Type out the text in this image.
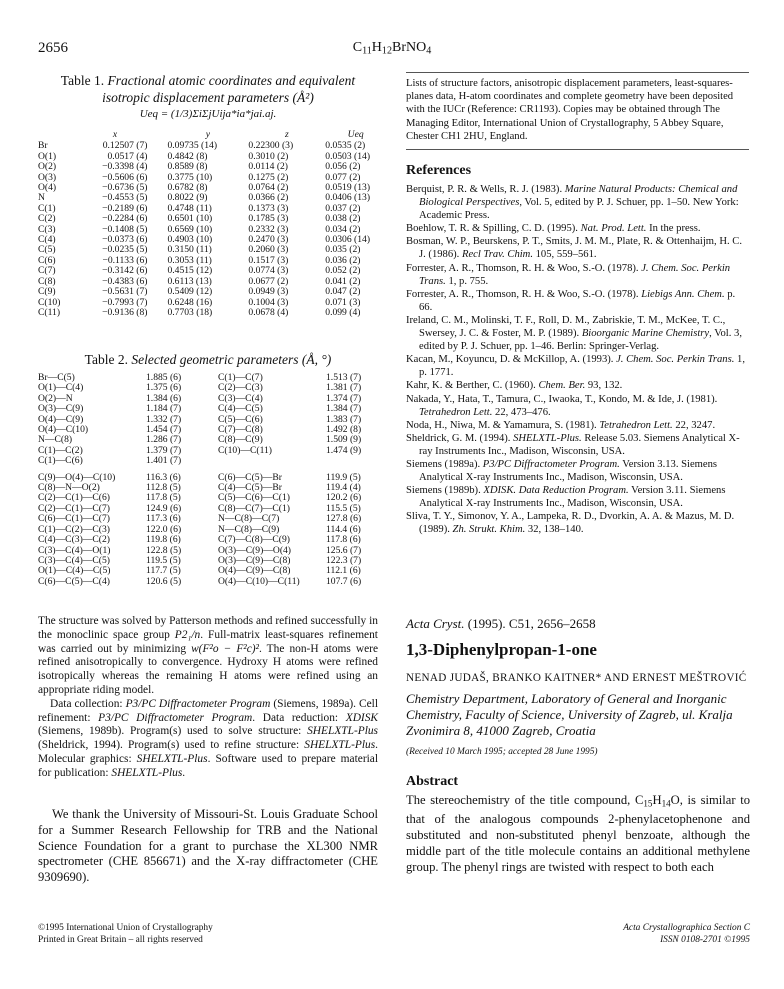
2656	$C_{11}H_{12}BrNO_4$
Table 1. Fractional atomic coordinates and equivalent isotropic displacement parameters (Å²)
Ueq = (1/3)ΣiΣjUija*ia*jai.aj.
	x	y	z	Ueq
Br	0.12507 (7)	0.09735 (14)	0.22300 (3)	0.0535 (2)
O(1)	0.0517 (4)	0.4842 (8)	0.3010 (2)	0.0503 (14)
O(2)	−0.3398 (4)	0.8589 (8)	0.0114 (2)	0.056 (2)
O(3)	−0.5606 (6)	0.3775 (10)	0.1275 (2)	0.077 (2)
O(4)	−0.6736 (5)	0.6782 (8)	0.0764 (2)	0.0519 (13)
N	−0.4553 (5)	0.8022 (9)	0.0366 (2)	0.0406 (13)
C(1)	−0.2189 (6)	0.4748 (11)	0.1373 (3)	0.037 (2)
C(2)	−0.2284 (6)	0.6501 (10)	0.1785 (3)	0.038 (2)
C(3)	−0.1408 (5)	0.6569 (10)	0.2332 (3)	0.034 (2)
C(4)	−0.0373 (6)	0.4903 (10)	0.2470 (3)	0.0306 (14)
C(5)	−0.0235 (5)	0.3150 (11)	0.2060 (3)	0.035 (2)
C(6)	−0.1133 (6)	0.3053 (11)	0.1517 (3)	0.036 (2)
C(7)	−0.3142 (6)	0.4515 (12)	0.0774 (3)	0.052 (2)
C(8)	−0.4383 (6)	0.6113 (13)	0.0677 (2)	0.041 (2)
C(9)	−0.5631 (7)	0.5409 (12)	0.0949 (3)	0.047 (2)
C(10)	−0.7993 (7)	0.6248 (16)	0.1004 (3)	0.071 (3)
C(11)	−0.9136 (8)	0.7703 (18)	0.0678 (4)	0.099 (4)
Table 2. Selected geometric parameters (Å, °)
Br—C(5)	1.885 (6)	C(1)—C(7)	1.513 (7)
O(1)—C(4)	1.375 (6)	C(2)—C(3)	1.381 (7)
O(2)—N	1.384 (6)	C(3)—C(4)	1.374 (7)
O(3)—C(9)	1.184 (7)	C(4)—C(5)	1.384 (7)
O(4)—C(9)	1.332 (7)	C(5)—C(6)	1.383 (7)
O(4)—C(10)	1.454 (7)	C(7)—C(8)	1.492 (8)
N—C(8)	1.286 (7)	C(8)—C(9)	1.509 (9)
C(1)—C(2)	1.379 (7)	C(10)—C(11)	1.474 (9)
C(1)—C(6)	1.401 (7)		

C(9)—O(4)—C(10)	116.3 (6)	C(6)—C(5)—Br	119.9 (5)
C(8)—N—O(2)	112.8 (5)	C(4)—C(5)—Br	119.4 (4)
C(2)—C(1)—C(6)	117.8 (5)	C(5)—C(6)—C(1)	120.2 (6)
C(2)—C(1)—C(7)	124.9 (6)	C(8)—C(7)—C(1)	115.5 (5)
C(6)—C(1)—C(7)	117.3 (6)	N—C(8)—C(7)	127.8 (6)
C(1)—C(2)—C(3)	122.0 (6)	N—C(8)—C(9)	114.4 (6)
C(4)—C(3)—C(2)	119.8 (6)	C(7)—C(8)—C(9)	117.8 (6)
C(3)—C(4)—O(1)	122.8 (5)	O(3)—C(9)—O(4)	125.6 (7)
C(3)—C(4)—C(5)	119.5 (5)	O(3)—C(9)—C(8)	122.3 (7)
O(1)—C(4)—C(5)	117.7 (5)	O(4)—C(9)—C(8)	112.1 (6)
C(6)—C(5)—C(4)	120.6 (5)	O(4)—C(10)—C(11)	107.7 (6)

The structure was solved by Patterson methods and refined successfully in the monoclinic space group P2₁/n. Full-matrix least-squares refinement was carried out by minimizing w(F²o − F²c)². The non-H atoms were refined anisotropically to convergence. Hydroxy H atoms were refined isotropically whereas the remaining H atoms were refined using an appropriate riding model.

Data collection: P3/PC Diffractometer Program (Siemens, 1989a). Cell refinement: P3/PC Diffractometer Program. Data reduction: XDISK (Siemens, 1989b). Program(s) used to solve structure: SHELXTL-Plus (Sheldrick, 1994). Program(s) used to refine structure: SHELXTL-Plus. Molecular graphics: SHELXTL-Plus. Software used to prepare material for publication: SHELXTL-Plus.

We thank the University of Missouri-St. Louis Graduate School for a Summer Research Fellowship for TRB and the National Science Foundation for a grant to purchase the XL300 NMR spectrometer (CHE 856671) and the X-ray diffractometer (CHE 9309690).
©1995 International Union of Crystallography
Printed in Great Britain – all rights reserved
Lists of structure factors, anisotropic displacement parameters, least-squares-planes data, H-atom coordinates and complete geometry have been deposited with the IUCr (Reference: CR1193). Copies may be obtained through The Managing Editor, International Union of Crystallography, 5 Abbey Square, Chester CH1 2HU, England.
References

Berquist, P. R. & Wells, R. J. (1983). Marine Natural Products: Chemical and Biological Perspectives, Vol. 5, edited by P. J. Schuer, pp. 1–50. New York: Academic Press.

Boehlow, T. R. & Spilling, C. D. (1995). Nat. Prod. Lett. In the press.

Bosman, W. P., Beurskens, P. T., Smits, J. M. M., Plate, R. & Ottenhaijm, H. C. J. (1986). Recl Trav. Chim. 105, 559–561.

Forrester, A. R., Thomson, R. H. & Woo, S.-O. (1978). J. Chem. Soc. Perkin Trans. 1, p. 755.

Forrester, A. R., Thomson, R. H. & Woo, S.-O. (1978). Liebigs Ann. Chem. p. 66.

Ireland, C. M., Molinski, T. F., Roll, D. M., Zabriskie, T. M., McKee, T. C., Swersey, J. C. & Foster, M. P. (1989). Bioorganic Marine Chemistry, Vol. 3, edited by P. J. Schuer, pp. 1–46. Berlin: Springer-Verlag.

Kacan, M., Koyuncu, D. & McKillop, A. (1993). J. Chem. Soc. Perkin Trans. 1, p. 1771.

Kahr, K. & Berther, C. (1960). Chem. Ber. 93, 132.

Nakada, Y., Hata, T., Tamura, C., Iwaoka, T., Kondo, M. & Ide, J. (1981). Tetrahedron Lett. 22, 473–476.

Noda, H., Niwa, M. & Yamamura, S. (1981). Tetrahedron Lett. 22, 3247.

Sheldrick, G. M. (1994). SHELXTL-Plus. Release 5.03. Siemens Analytical X-ray Instruments Inc., Madison, Wisconsin, USA.

Siemens (1989a). P3/PC Diffractometer Program. Version 3.13. Siemens Analytical X-ray Instruments Inc., Madison, Wisconsin, USA.

Siemens (1989b). XDISK. Data Reduction Program. Version 3.11. Siemens Analytical X-ray Instruments Inc., Madison, Wisconsin, USA.

Sliva, T. Y., Simonov, Y. A., Lampeka, R. D., Dvorkin, A. A. & Mazus, M. D. (1989). Zh. Strukt. Khim. 32, 138–140.

Acta Cryst. (1995). C51, 2656–2658
1,3-Diphenylpropan-1-one
NENAD JUDAŠ, BRANKO KAITNER* AND ERNEST MEŠTROVIĆ
Chemistry Department, Laboratory of General and Inorganic Chemistry, Faculty of Science, University of Zagreb, ul. Kralja Zvonimira 8, 41000 Zagreb, Croatia
(Received 10 March 1995; accepted 28 June 1995)
Abstract
The stereochemistry of the title compound, $C_{15}H_{14}O$, is similar to that of the analogous compounds 2-phenylacetophenone and substituted and non-substituted phenyl benzoate, although the middle part of the title molecule contains an additional methylene group. The phenyl rings are twisted with respect to both each
Acta Crystallographica Section C
ISSN 0108-2701 ©1995
